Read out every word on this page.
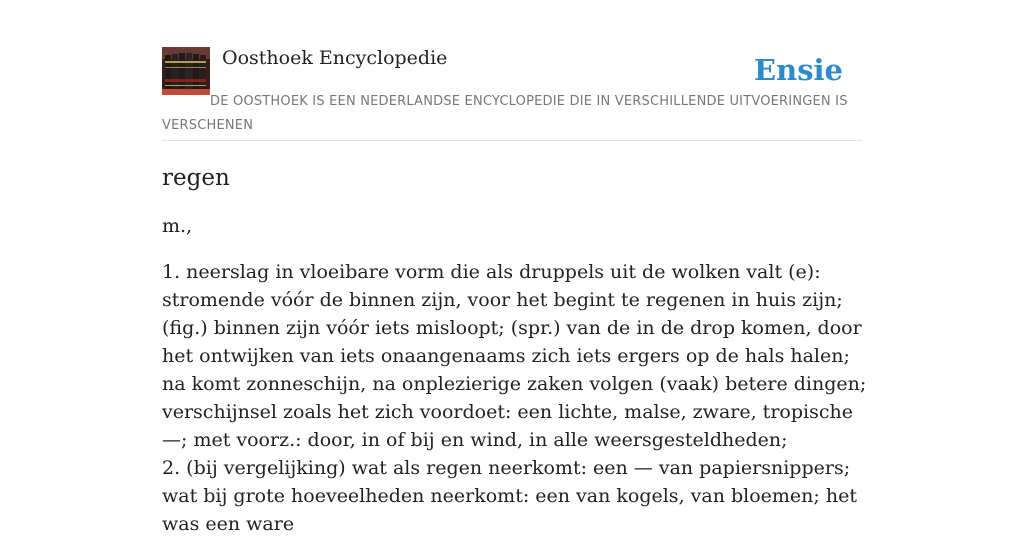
Oosthoek Encyclopedie	Ensie

DE OOSTHOEK IS EEN NEDERLANDSE ENCYCLOPEDIE DIE IN VERSCHILLENDE UITVOERINGEN IS VERSCHENEN

regen

m.,

1. neerslag in vloeibare vorm die als druppels uit de wolken valt (e): stromende vóór de binnen zijn, voor het begint te regenen in huis zijn; (fig.) binnen zijn vóór iets misloopt; (spr.) van de in de drop komen, door het ontwijken van iets onaangenaams zich iets ergers op de hals halen; na komt zonneschijn, na onplezierige zaken volgen (vaak) betere dingen; verschijnsel zoals het zich voordoet: een lichte, malse, zware, tropische —; met voorz.: door, in of bij en wind, in alle weersgesteldheden;

2. (bij vergelijking) wat als regen neerkomt: een — van papiersnippers; wat bij grote hoeveelheden neerkomt: een van kogels, van bloemen; het was een ware
